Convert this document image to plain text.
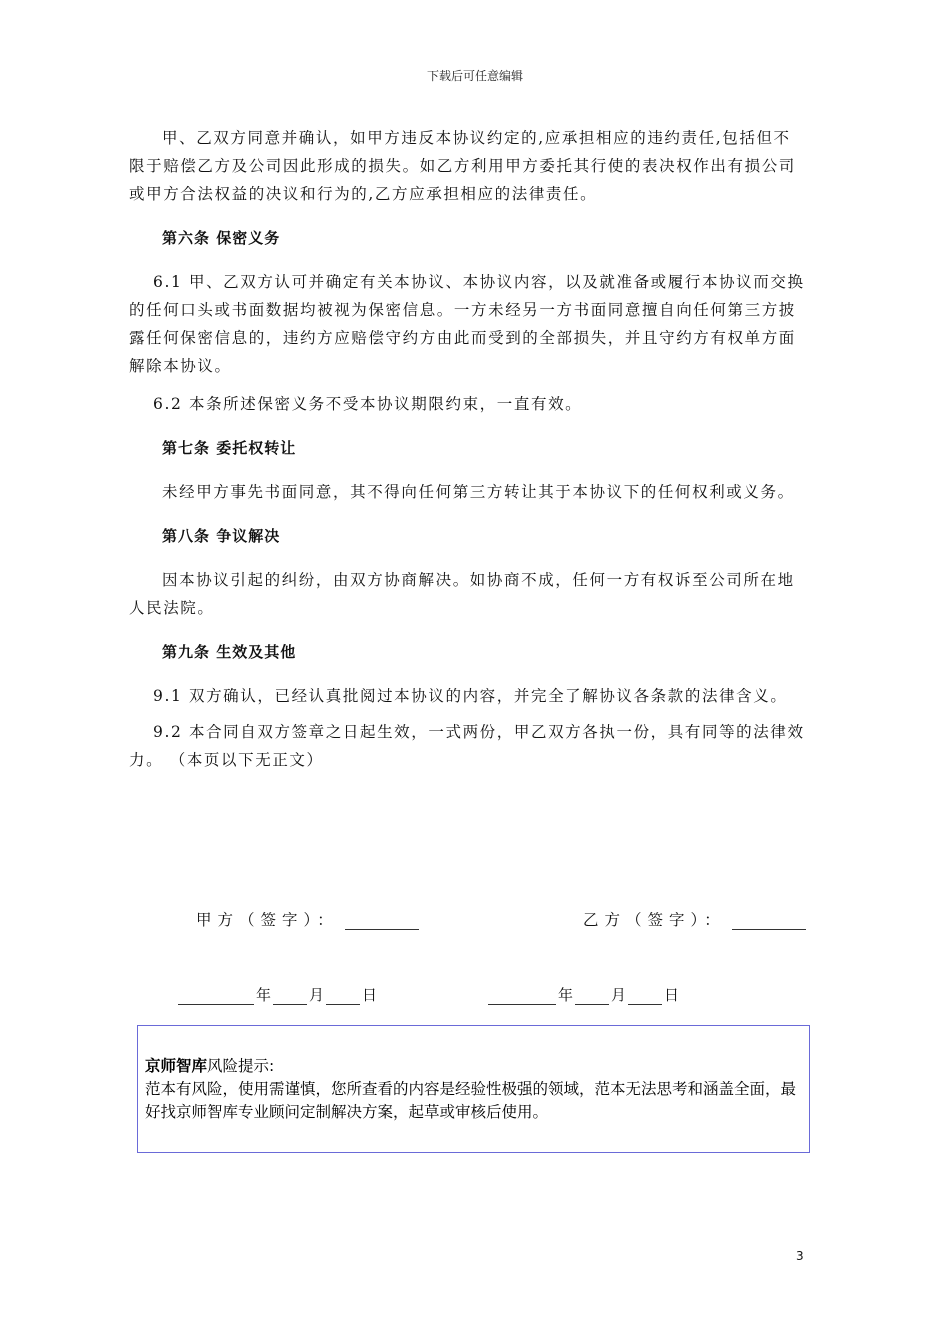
下载后可任意编辑

甲、乙双方同意并确认，如甲方违反本协议约定的,应承担相应的违约责任,包括但不限于赔偿乙方及公司因此形成的损失。如乙方利用甲方委托其行使的表决权作出有损公司或甲方合法权益的决议和行为的,乙方应承担相应的法律责任。

第六条 保密义务

6.1 甲、乙双方认可并确定有关本协议、本协议内容，以及就准备或履行本协议而交换的任何口头或书面数据均被视为保密信息。一方未经另一方书面同意擅自向任何第三方披露任何保密信息的，违约方应赔偿守约方由此而受到的全部损失，并且守约方有权单方面解除本协议。

6.2 本条所述保密义务不受本协议期限约束，一直有效。

第七条 委托权转让

未经甲方事先书面同意，其不得向任何第三方转让其于本协议下的任何权利或义务。

第八条 争议解决

因本协议引起的纠纷，由双方协商解决。如协商不成，任何一方有权诉至公司所在地人民法院。

第九条 生效及其他

9.1 双方确认，已经认真批阅过本协议的内容，并完全了解协议各条款的法律含义。

9.2 本合同自双方签章之日起生效，一式两份，甲乙双方各执一份，具有同等的法律效力。 （本页以下无正文）

甲方（签字）：	乙方（签字）：
年	月	日	年	月	日
京师智库风险提示:
范本有风险，使用需谨慎，您所查看的内容是经验性极强的领域，范本无法思考和涵盖全面，最好找京师智库专业顾问定制解决方案，起草或审核后使用。
3
